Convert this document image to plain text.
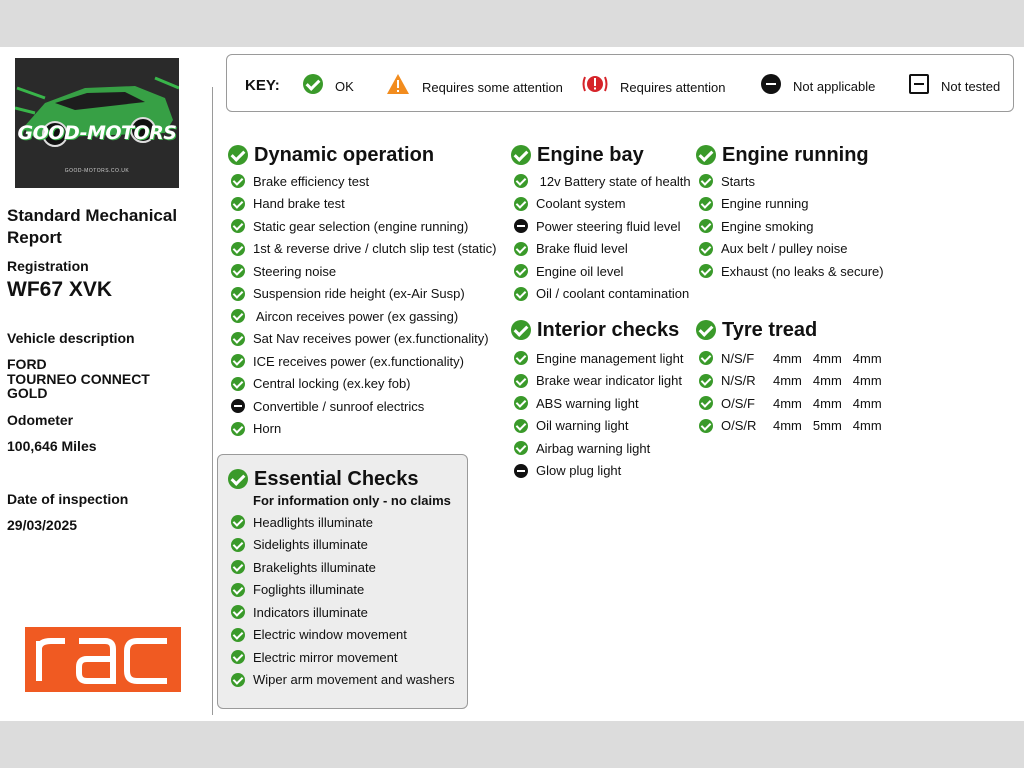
GOOD-MOTORS
GOOD-MOTORS.CO.UK
Standard Mechanical Report
Registration
WF67 XVK
Vehicle description
FORD
TOURNEO CONNECT
GOLD
Odometer
100,646 Miles
Date of inspection
29/03/2025
KEY:	OK	Requires some attention	Requires attention	Not applicable	Not tested
Dynamic operation
Brake efficiency test
Hand brake test
Static gear selection (engine running)
1st & reverse drive / clutch slip test (static)
Steering noise
Suspension ride height (ex-Air Susp)
Aircon receives power (ex gassing)
Sat Nav receives power (ex.functionality)
ICE receives power (ex.functionality)
Central locking (ex.key fob)
Convertible / sunroof electrics
Horn
Essential Checks
For information only - no claims
Headlights illuminate
Sidelights illuminate
Brakelights illuminate
Foglights illuminate
Indicators illuminate
Electric window movement
Electric mirror movement
Wiper arm movement and washers
Engine bay
12v Battery state of health
Coolant system
Power steering fluid level
Brake fluid level
Engine oil level
Oil / coolant contamination
Interior checks
Engine management light
Brake wear indicator light
ABS warning light
Oil warning light
Airbag warning light
Glow plug light
Engine running
Starts
Engine running
Engine smoking
Aux belt / pulley noise
Exhaust (no leaks & secure)
Tyre tread
N/S/F	4mm 4mm 4mm
N/S/R	4mm 4mm 4mm
O/S/F	4mm 4mm 4mm
O/S/R	4mm 5mm 4mm
